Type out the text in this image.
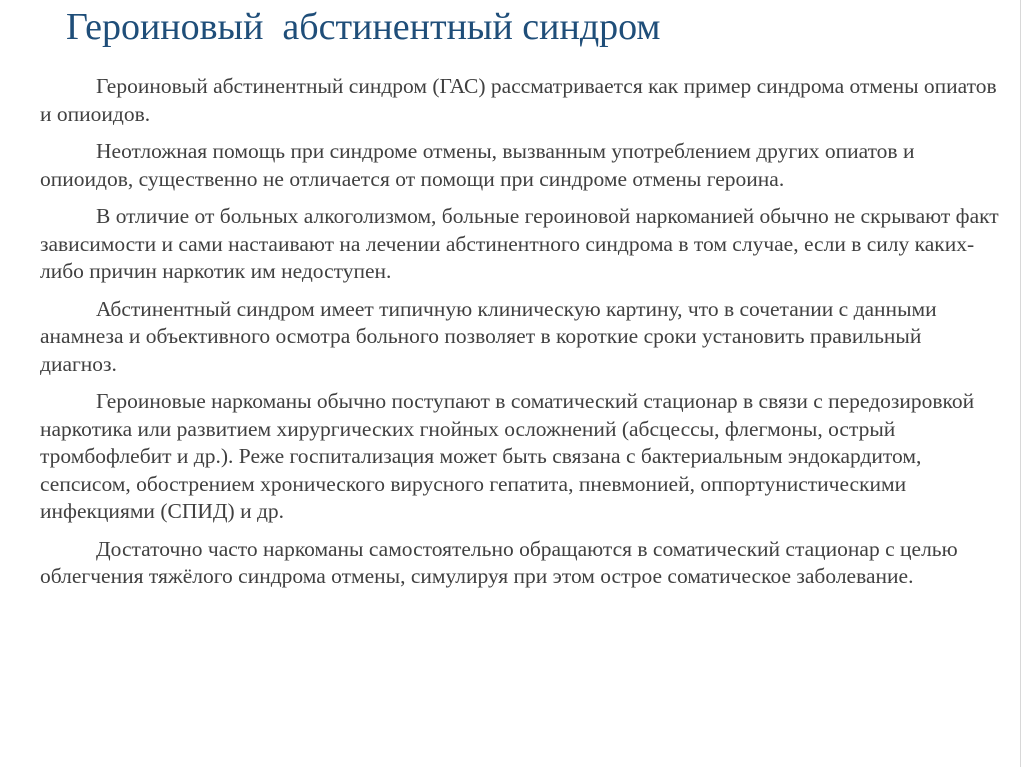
Героиновый  абстинентный синдром

Героиновый абстинентный синдром (ГАС) рассматривается как пример синдрома отмены опиатов и опиоидов.

Неотложная помощь при синдроме отмены, вызванным употреблением других опиатов и опиоидов, существенно не отличается от помощи при синдроме отмены героина.

В отличие от больных алкоголизмом, больные героиновой наркоманией обычно не скрывают факт зависимости и сами настаивают на лечении абстинентного синдрома в том случае, если в силу каких-либо причин наркотик им недоступен.

Абстинентный синдром имеет типичную клиническую картину, что в сочетании с данными анамнеза и объективного осмотра больного позволяет в короткие сроки установить правильный диагноз.

Героиновые наркоманы обычно поступают в соматический стационар в связи с передозировкой наркотика или развитием хирургических гнойных осложнений (абсцессы, флегмоны, острый тромбофлебит и др.). Реже госпитализация может быть связана с бактериальным эндокардитом, сепсисом, обострением хронического вирусного гепатита, пневмонией, оппортунистическими инфекциями (СПИД) и др.

Достаточно часто наркоманы самостоятельно обращаются в соматический стационар с целью облегчения тяжёлого синдрома отмены, симулируя при этом острое соматическое заболевание.
